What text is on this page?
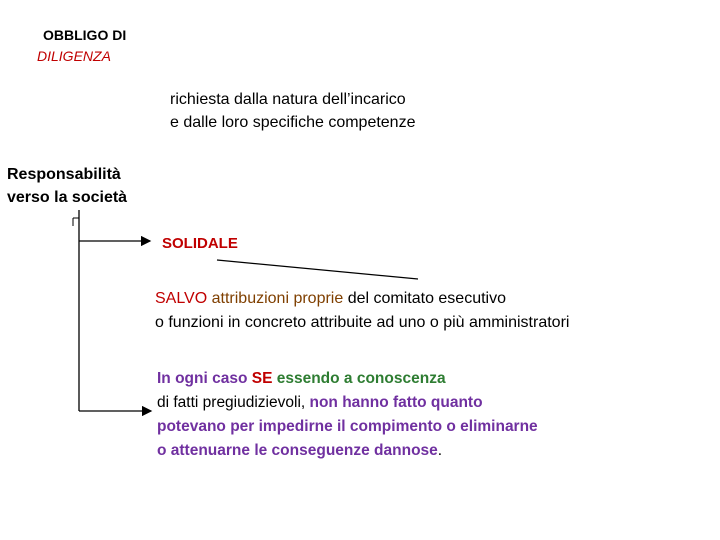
OBBLIGO DI
DILIGENZA
richiesta dalla natura dell’incarico
e dalle loro specifiche competenze
Responsabilità
verso la società
SOLIDALE
SALVO attribuzioni proprie del comitato esecutivo
o funzioni in concreto attribuite ad uno o più amministratori
In ogni caso SE essendo a conoscenza
di fatti pregiudizievoli, non hanno fatto quanto
potevano per impedirne il compimento o eliminarne
o attenuarne le conseguenze dannose.
